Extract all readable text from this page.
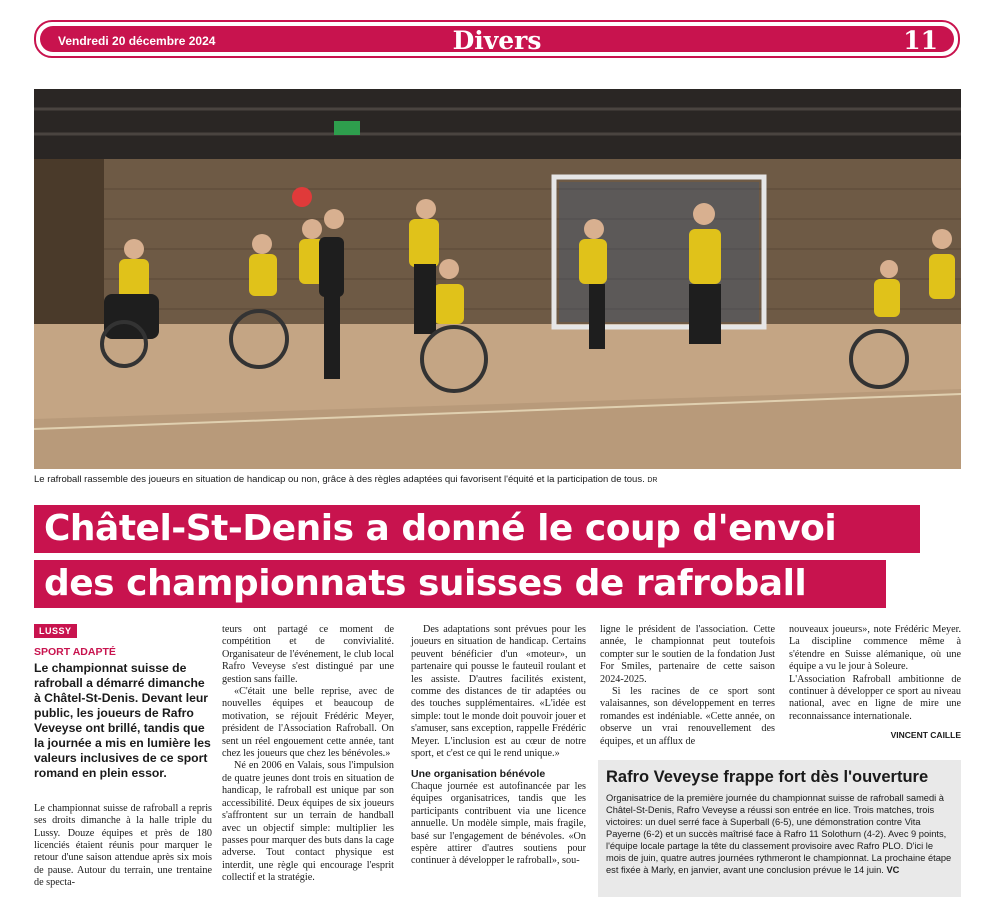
Vendredi 20 décembre 2024	Divers	11
Le rafroball rassemble des joueurs en situation de handicap ou non, grâce à des règles adaptées qui favorisent l'équité et la participation de tous. DR
Châtel-St-Denis a donné le coup d'envoi
des championnats suisses de rafroball
LUSSY
SPORT ADAPTÉ
Le championnat suisse de rafroball a démarré dimanche à Châtel-St-Denis. Devant leur public, les joueurs de Rafro Veveyse ont brillé, tandis que la journée a mis en lumière les valeurs inclusives de ce sport romand en plein essor.

Le championnat suisse de rafroball a repris ses droits dimanche à la halle triple du Lussy. Douze équipes et près de 180 licenciés étaient réunis pour marquer le retour d'une saison attendue après six mois de pause. Autour du terrain, une trentaine de specta-

teurs ont partagé ce moment de compétition et de convivialité. Organisateur de l'événement, le club local Rafro Veveyse s'est distingué par une gestion sans faille.

«C'était une belle reprise, avec de nouvelles équipes et beaucoup de motivation, se réjouit Frédéric Meyer, président de l'Association Rafroball. On sent un réel engouement cette année, tant chez les joueurs que chez les bénévoles.»

Né en 2006 en Valais, sous l'impulsion de quatre jeunes dont trois en situation de handicap, le rafroball est unique par son accessibilité. Deux équipes de six joueurs s'affrontent sur un terrain de handball avec un objectif simple: multiplier les passes pour marquer des buts dans la cage adverse. Tout contact physique est interdit, une règle qui encourage l'esprit collectif et la stratégie.

Des adaptations sont prévues pour les joueurs en situation de handicap. Certains peuvent bénéficier d'un «moteur», un partenaire qui pousse le fauteuil roulant et les assiste. D'autres facilités existent, comme des distances de tir adaptées ou des touches supplémentaires. «L'idée est simple: tout le monde doit pouvoir jouer et s'amuser, sans exception, rappelle Frédéric Meyer. L'inclusion est au cœur de notre sport, et c'est ce qui le rend unique.»

Une organisation bénévole

Chaque journée est autofinancée par les équipes organisatrices, tandis que les participants contribuent via une licence annuelle. Un modèle simple, mais fragile, basé sur l'engagement de bénévoles. «On espère attirer d'autres soutiens pour continuer à développer le rafroball», sou-

ligne le président de l'association. Cette année, le championnat peut toutefois compter sur le soutien de la fondation Just For Smiles, partenaire de cette saison 2024-2025.

Si les racines de ce sport sont valaisannes, son développement en terres romandes est indéniable. «Cette année, on observe un vrai renouvellement des équipes, et un afflux de

nouveaux joueurs», note Frédéric Meyer. La discipline commence même à s'étendre en Suisse alémanique, où une équipe a vu le jour à Soleure.

L'Association Rafroball ambitionne de continuer à développer ce sport au niveau national, avec en ligne de mire une reconnaissance internationale.

VINCENT CAILLE
Rafro Veveyse frappe fort dès l'ouverture
Organisatrice de la première journée du championnat suisse de rafroball samedi à Châtel-St-Denis, Rafro Veveyse a réussi son entrée en lice. Trois matches, trois victoires: un duel serré face à Superball (6-5), une démonstration contre Vita Payerne (6-2) et un succès maîtrisé face à Rafro 11 Solothurn (4-2). Avec 9 points, l'équipe locale partage la tête du classement provisoire avec Rafro PLO. D'ici le mois de juin, quatre autres journées rythmeront le championnat. La prochaine étape est fixée à Marly, en janvier, avant une conclusion prévue le 14 juin. VC
